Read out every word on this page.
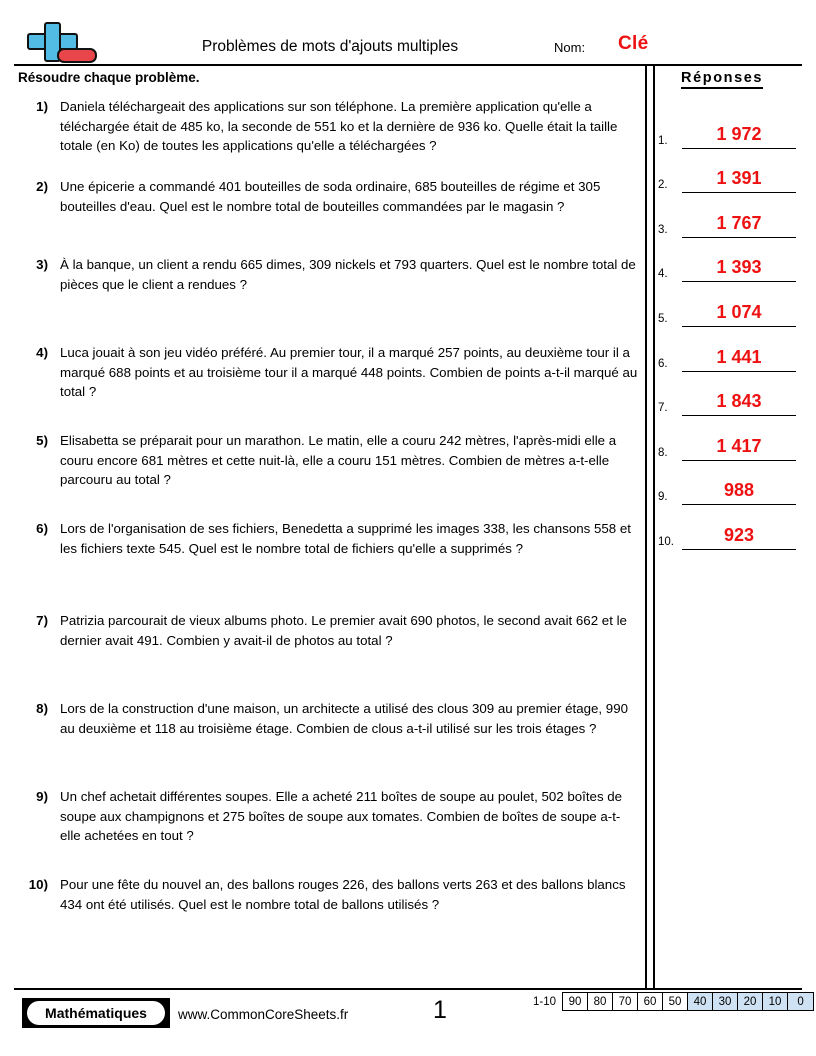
Problèmes de mots d'ajouts multiples	Nom: Clé
Résoudre chaque problème.
1) Daniela téléchargeait des applications sur son téléphone. La première application qu'elle a téléchargée était de 485 ko, la seconde de 551 ko et la dernière de 936 ko. Quelle était la taille totale (en Ko) de toutes les applications qu'elle a téléchargées ?
2) Une épicerie a commandé 401 bouteilles de soda ordinaire, 685 bouteilles de régime et 305 bouteilles d'eau. Quel est le nombre total de bouteilles commandées par le magasin ?
3) À la banque, un client a rendu 665 dimes, 309 nickels et 793 quarters. Quel est le nombre total de pièces que le client a rendues ?
4) Luca jouait à son jeu vidéo préféré. Au premier tour, il a marqué 257 points, au deuxième tour il a marqué 688 points et au troisième tour il a marqué 448 points. Combien de points a-t-il marqué au total ?
5) Elisabetta se préparait pour un marathon. Le matin, elle a couru 242 mètres, l'après-midi elle a couru encore 681 mètres et cette nuit-là, elle a couru 151 mètres. Combien de mètres a-t-elle parcouru au total ?
6) Lors de l'organisation de ses fichiers, Benedetta a supprimé les images 338, les chansons 558 et les fichiers texte 545. Quel est le nombre total de fichiers qu'elle a supprimés ?
7) Patrizia parcourait de vieux albums photo. Le premier avait 690 photos, le second avait 662 et le dernier avait 491. Combien y avait-il de photos au total ?
8) Lors de la construction d'une maison, un architecte a utilisé des clous 309 au premier étage, 990 au deuxième et 118 au troisième étage. Combien de clous a-t-il utilisé sur les trois étages ?
9) Un chef achetait différentes soupes. Elle a acheté 211 boîtes de soupe au poulet, 502 boîtes de soupe aux champignons et 275 boîtes de soupe aux tomates. Combien de boîtes de soupe a-t-elle achetées en tout ?
10) Pour une fête du nouvel an, des ballons rouges 226, des ballons verts 263 et des ballons blancs 434 ont été utilisés. Quel est le nombre total de ballons utilisés ?
Réponses
1.	1 972
2.	1 391
3.	1 767
4.	1 393
5.	1 074
6.	1 441
7.	1 843
8.	1 417
9.	988
10.	923
Mathématiques	www.CommonCoreSheets.fr	1	1-10	90	80	70	60	50	40	30	20	10	0
